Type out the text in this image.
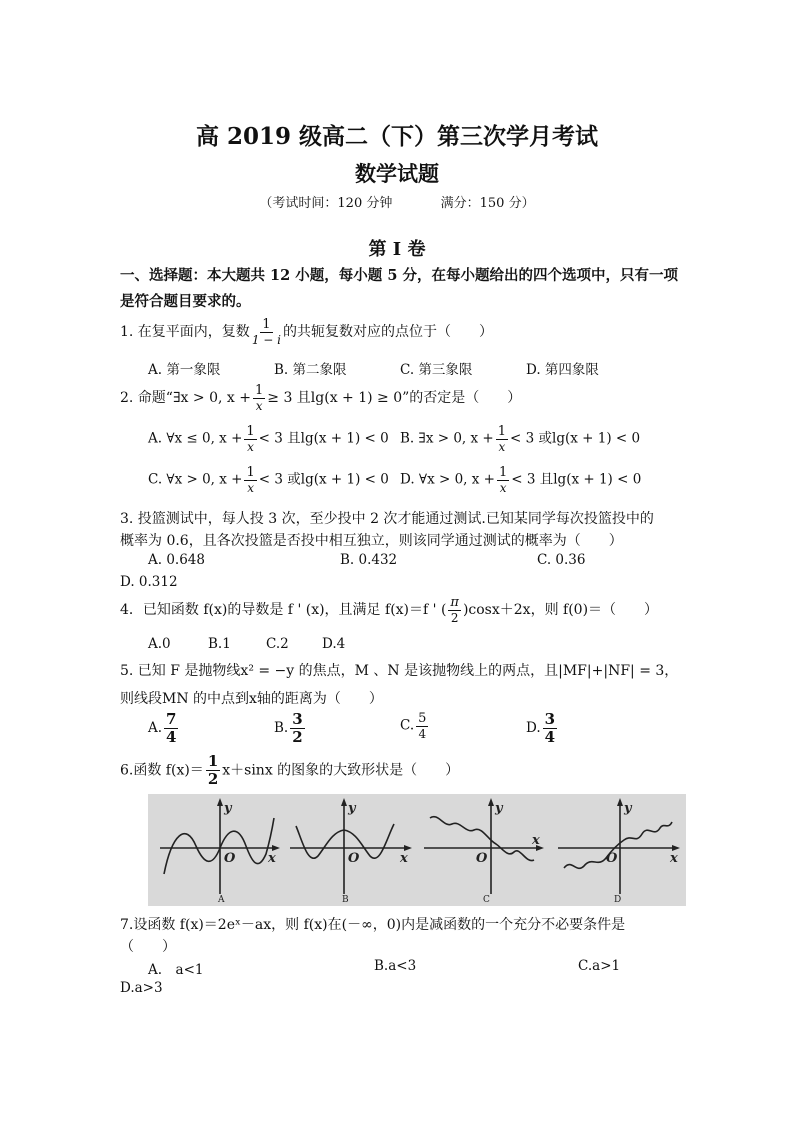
高 2019 级高二（下）第三次学月考试
数学试题
（考试时间：120 分钟	满分：150 分）
第 I 卷
一、选择题：本大题共 12 小题，每小题 5 分，在每小题给出的四个选项中，只有一项
是符合题目要求的。
1. 在复平面内，复数 $\frac{1}{1 - i}$ 的共轭复数对应的点位于（　　）
A. 第一象限	B. 第二象限	C. 第三象限	D. 第四象限
2. 命题“∃x > 0, $x + \frac{1}{x} \ge 3$ 且lg(x + 1) ≥ 0”的否定是（　　）
A. ∀x ≤ 0, $x + \frac{1}{x} < 3$ 且lg(x + 1) < 0 B. ∃x > 0, $x + \frac{1}{x} < 3$ 或lg(x + 1) < 0
C. ∀x > 0, $x + \frac{1}{x} < 3$ 或lg(x + 1) < 0 D. ∀x > 0, $x + \frac{1}{x} < 3$ 且lg(x + 1) < 0
3. 投篮测试中，每人投 3 次，至少投中 2 次才能通过测试.已知某同学每次投篮投中的
概率为 0.6，且各次投篮是否投中相互独立，则该同学通过测试的概率为（　　）
A. 0.648	B. 0.432	C. 0.36
D. 0.312
4．已知函数 f(x)的导数是 f ' (x)，且满足 f(x)＝f ' ( $\frac{\pi}{2} )\cos x+2x$，则 f(0)＝（　　）
A.0	B.1	C.2 D.4
5. 已知 F 是抛物线x² = −y 的焦点，M 、N 是该抛物线上的两点，且|MF|+|NF| = 3，
则线段MN 的中点到x轴的距离为（　　）
A. $\frac{7}{4}$	B. $\frac{3}{2}$	C. $\frac{5}{4}$	D. $\frac{3}{4}$
6.函数 $f(x)= \frac{1}{2} x+\sin x$ 的图象的大致形状是（　　）
y
x
O
y
x
O
y
x
O
y
x
O
A	B	C	D
7.设函数 f(x)＝2eˣ－ax，则 f(x)在(－∞，0)内是减函数的一个充分不必要条件是
（　　）
A.　a<1	B.a<3	C.a>1
D.a>3
